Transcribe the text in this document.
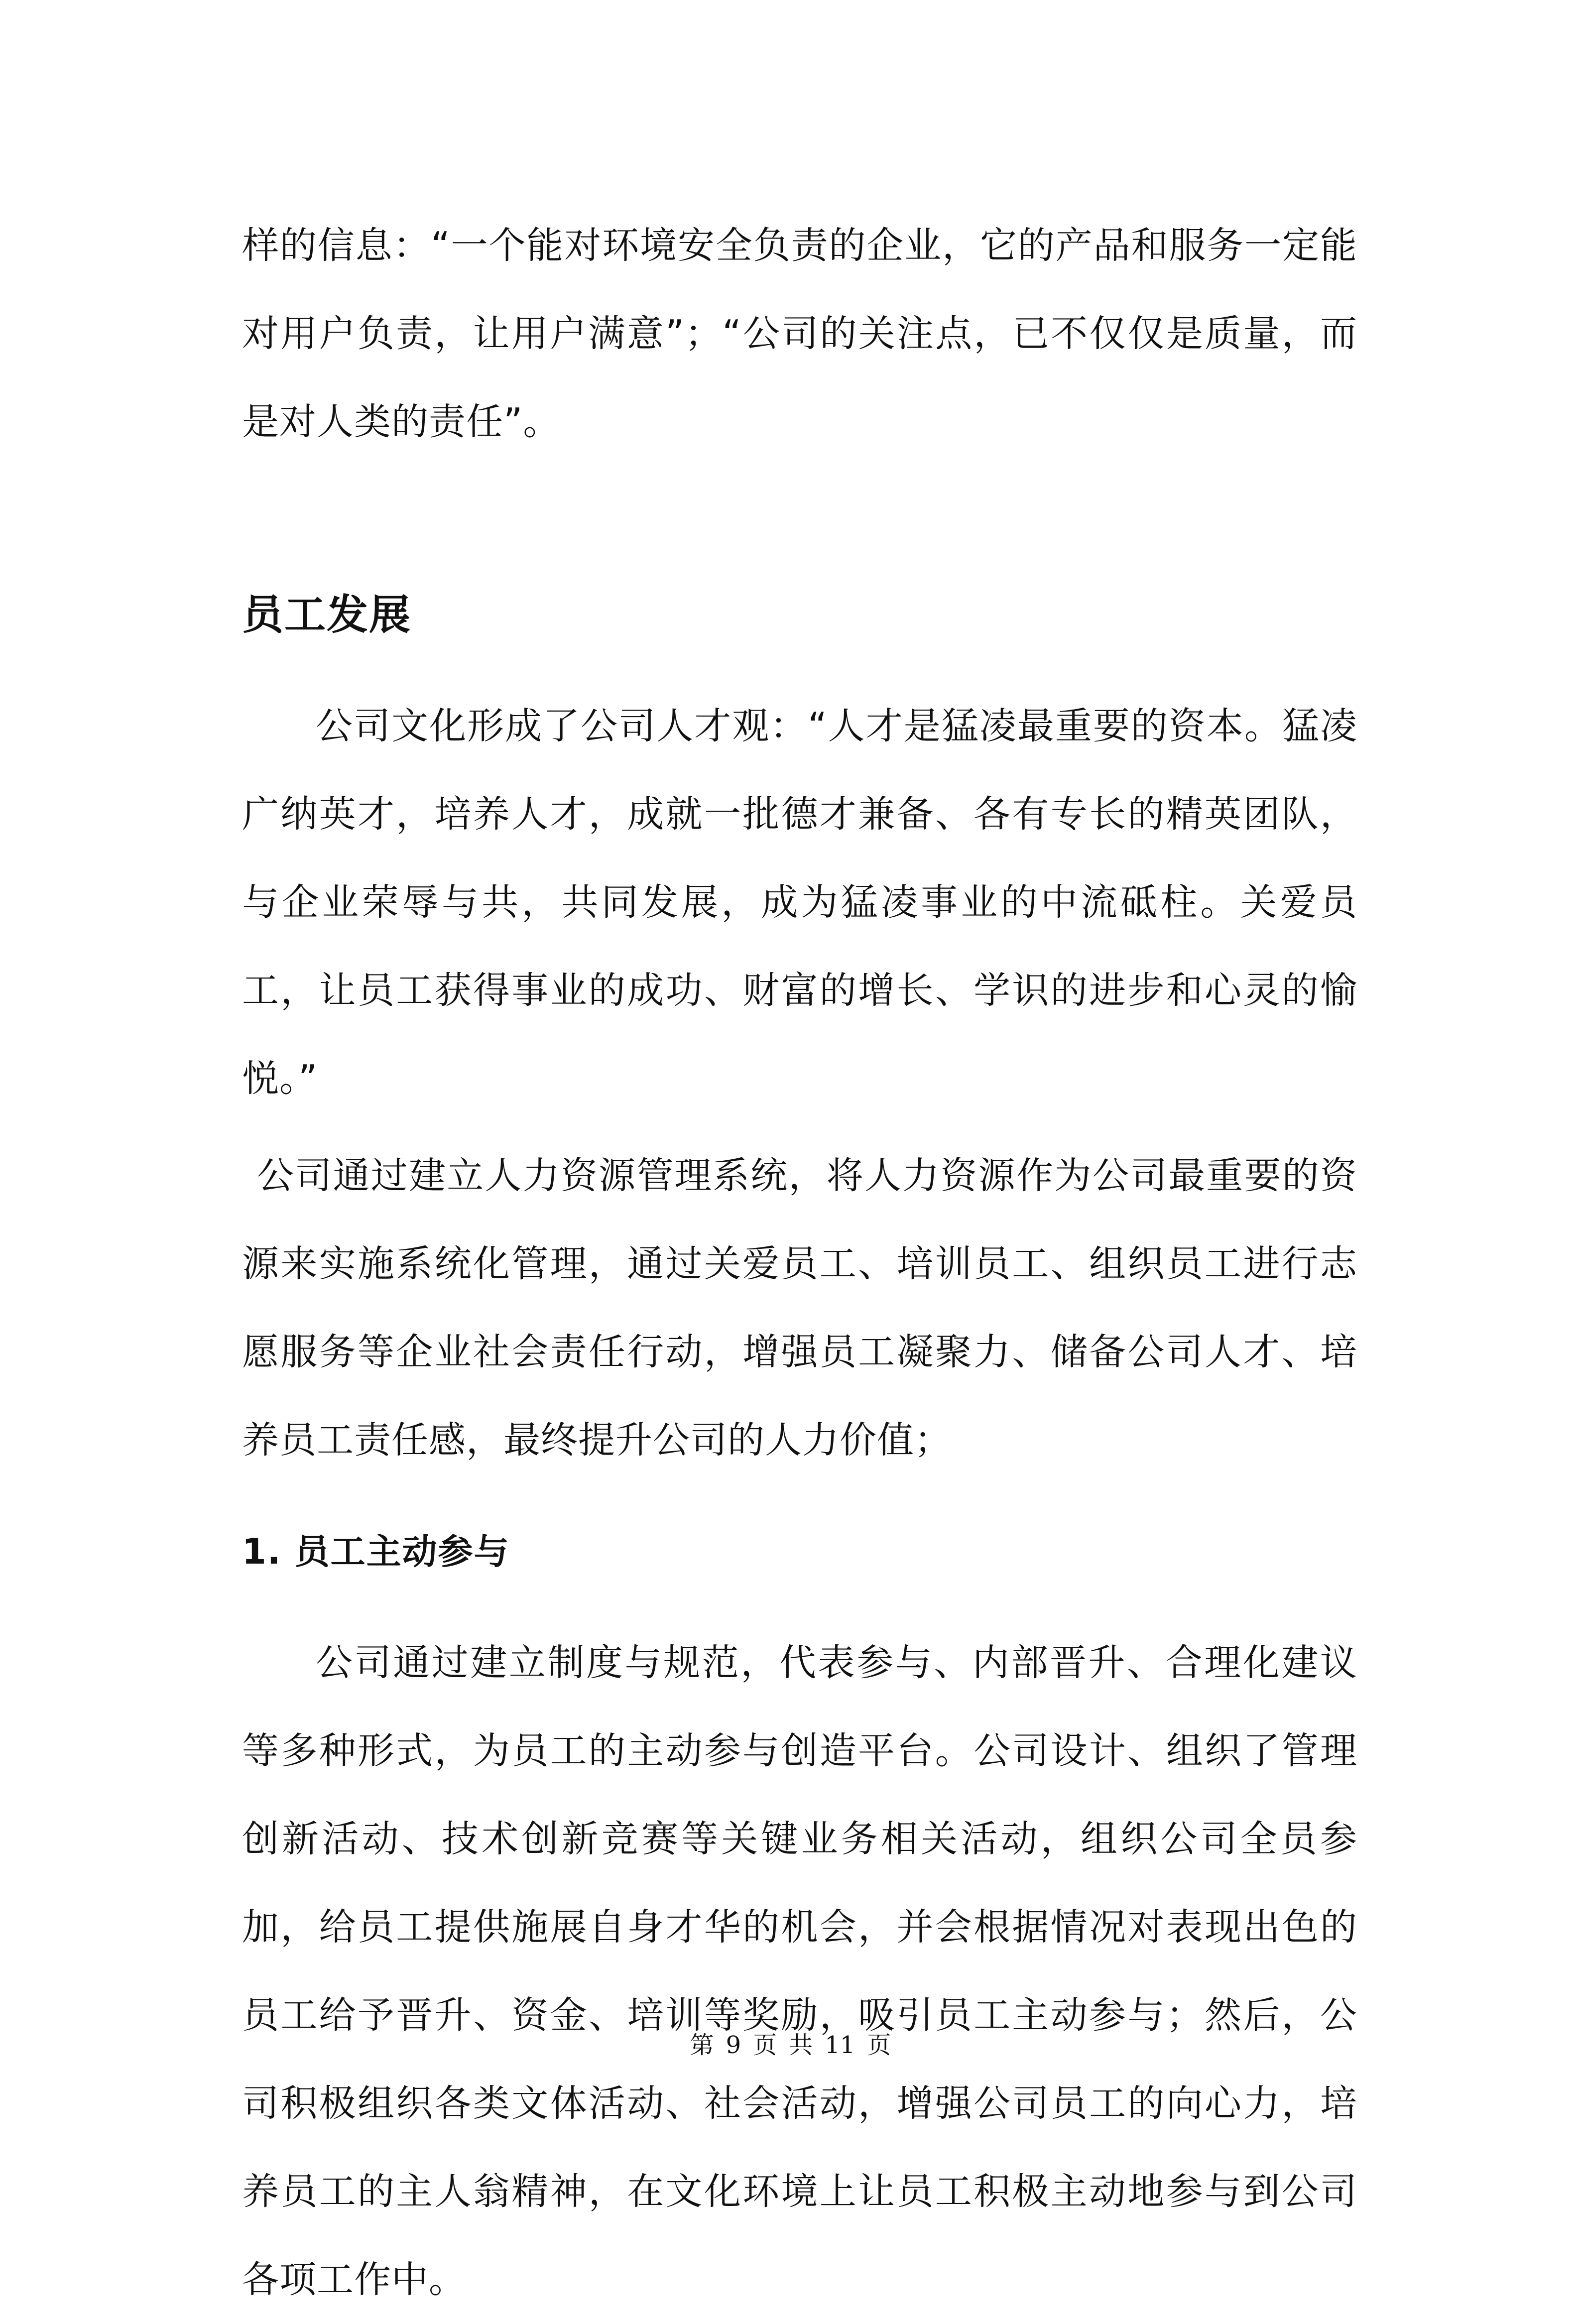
样的信息：“一个能对环境安全负责的企业，它的产品和服务一定能对用户负责，让用户满意”；“公司的关注点，已不仅仅是质量，而是对人类的责任”。

员工发展

公司文化形成了公司人才观：“人才是猛凌最重要的资本。猛凌广纳英才，培养人才，成就一批德才兼备、各有专长的精英团队，与企业荣辱与共，共同发展，成为猛凌事业的中流砥柱。关爱员工，让员工获得事业的成功、财富的增长、学识的进步和心灵的愉悦。”

公司通过建立人力资源管理系统，将人力资源作为公司最重要的资源来实施系统化管理，通过关爱员工、培训员工、组织员工进行志愿服务等企业社会责任行动，增强员工凝聚力、储备公司人才、培养员工责任感，最终提升公司的人力价值；

1. 员工主动参与

公司通过建立制度与规范，代表参与、内部晋升、合理化建议等多种形式，为员工的主动参与创造平台。公司设计、组织了管理创新活动、技术创新竞赛等关键业务相关活动，组织公司全员参加，给员工提供施展自身才华的机会，并会根据情况对表现出色的员工给予晋升、资金、培训等奖励，吸引员工主动参与；然后，公司积极组织各类文体活动、社会活动，增强公司员工的向心力，培养员工的主人翁精神，在文化环境上让员工积极主动地参与到公司各项工作中。

第 9 页 共 11 页
